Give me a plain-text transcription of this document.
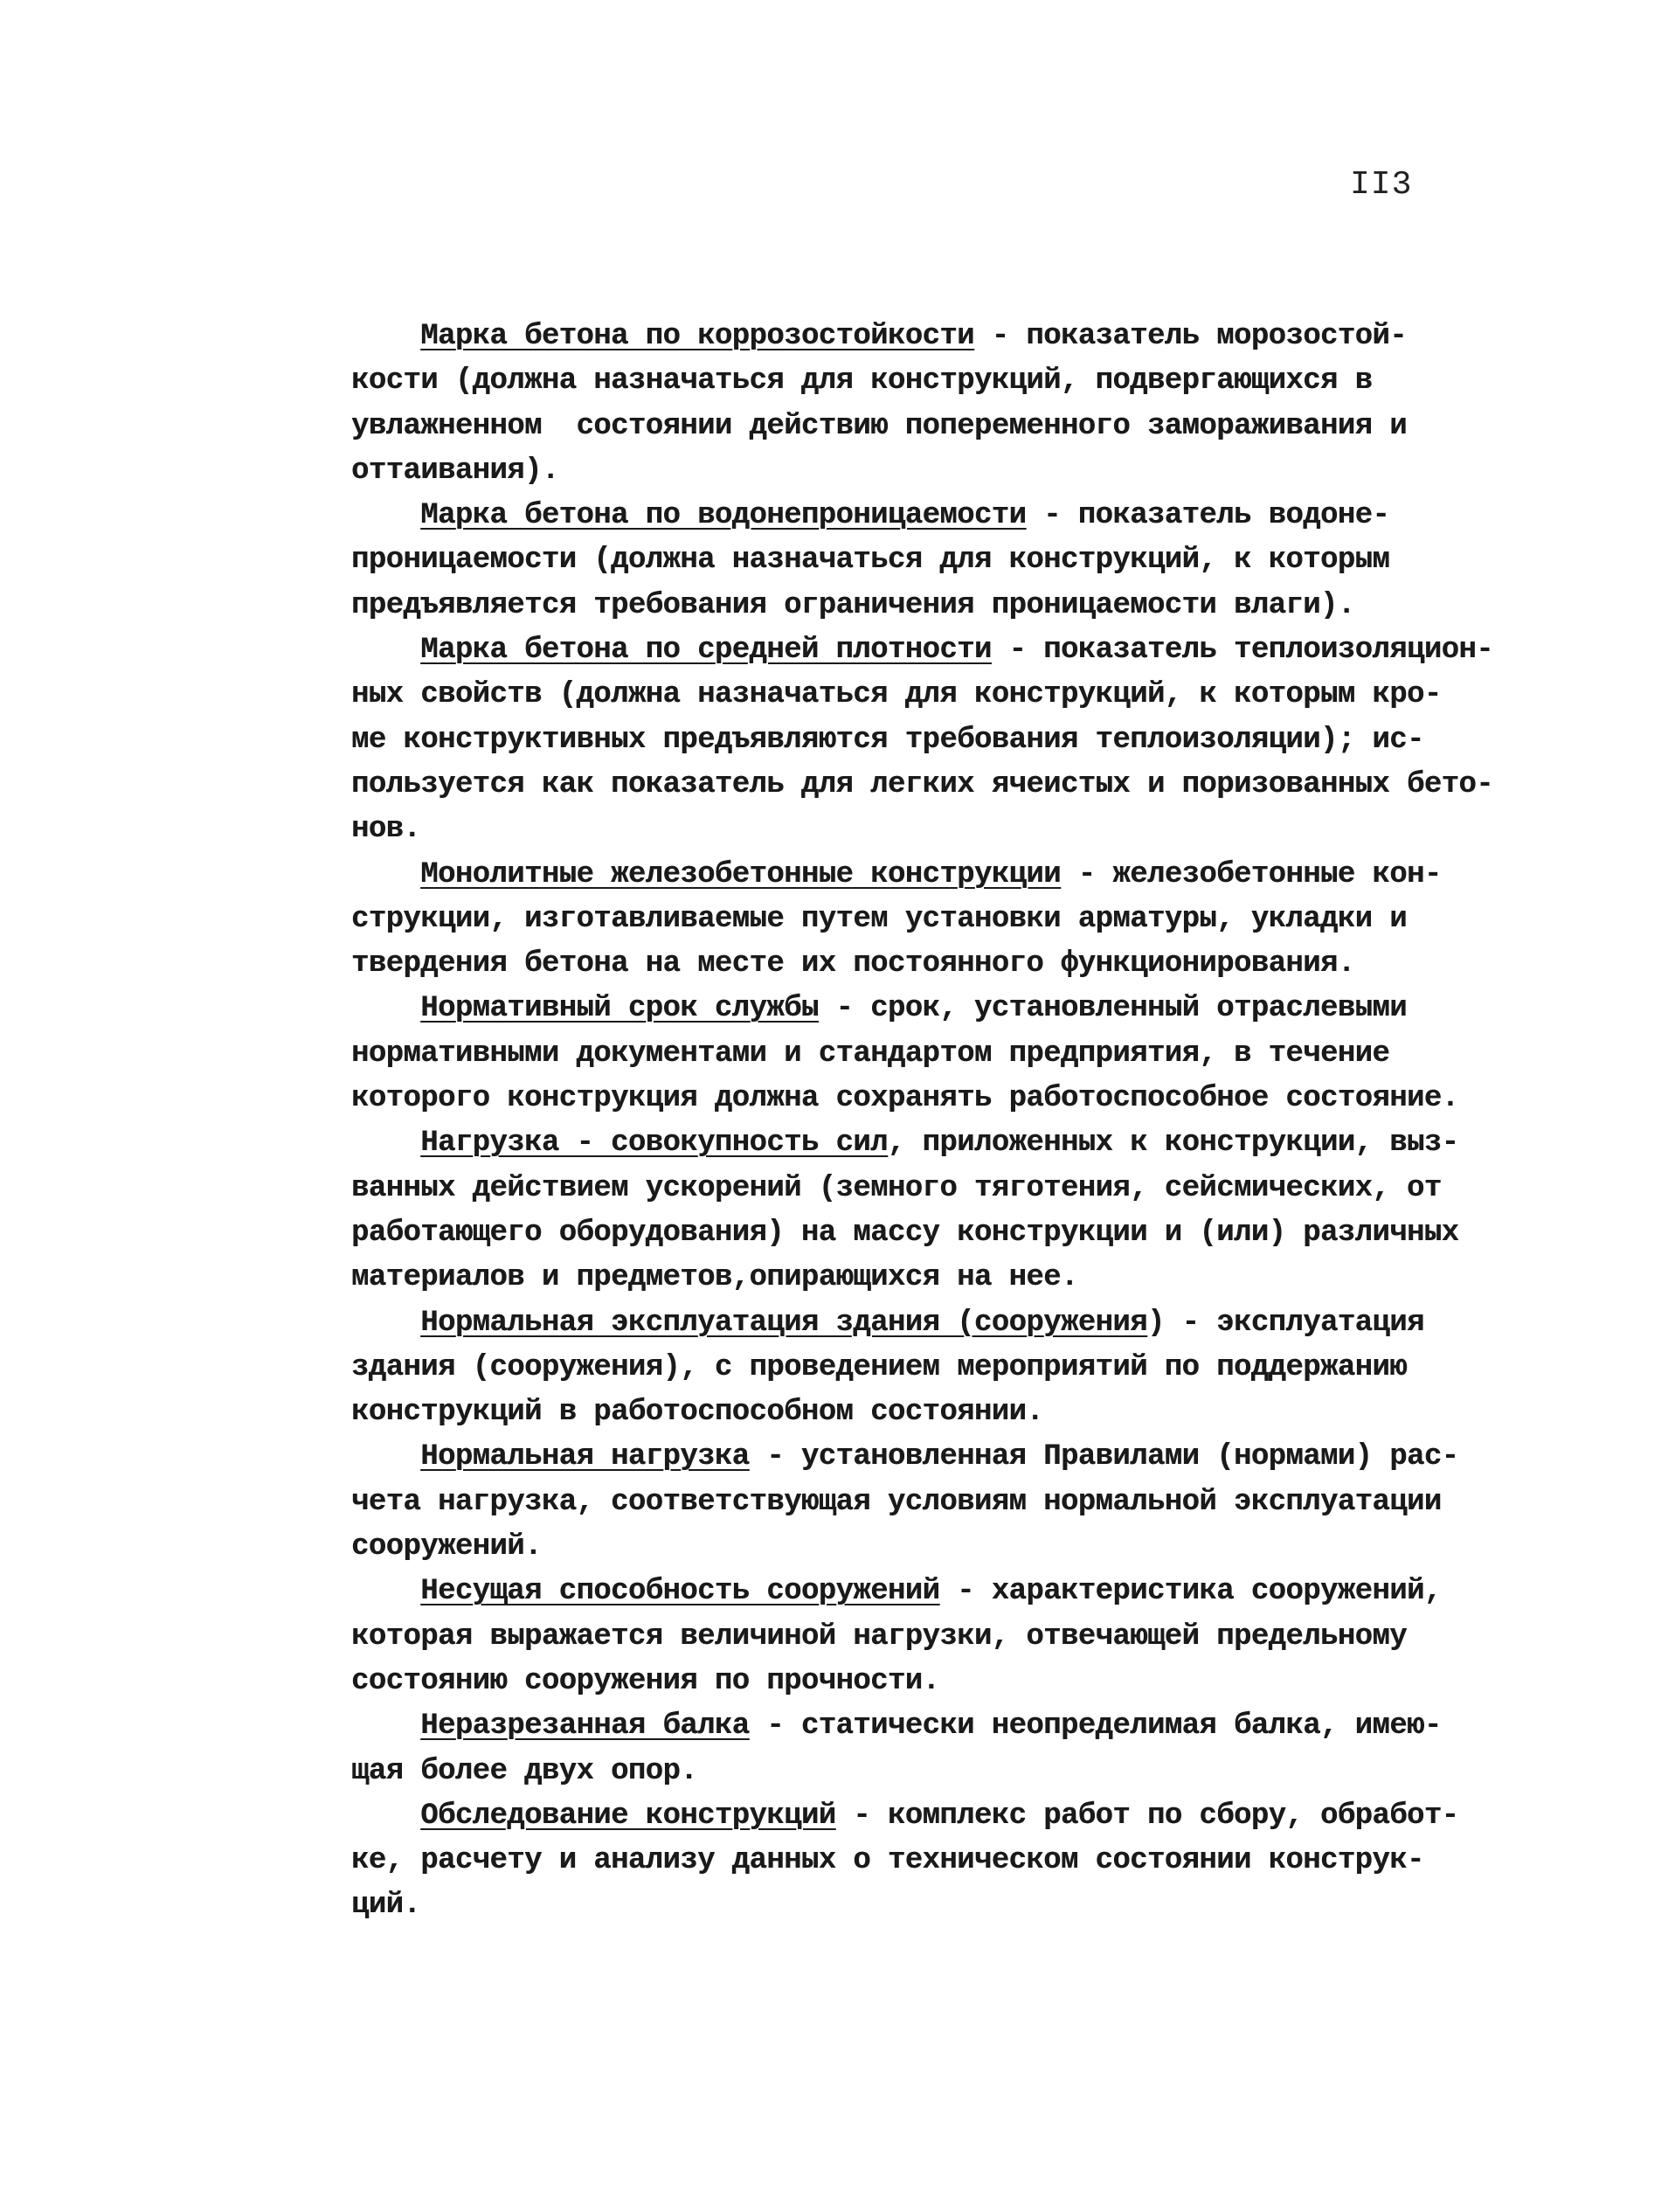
II3
Марка бетона по коррозостойкости - показатель морозостой-
кости (должна назначаться для конструкций, подвергающихся в
увлажненном  состоянии действию попеременного замораживания и
оттаивания).
Марка бетона по водонепроницаемости - показатель водоне-
проницаемости (должна назначаться для конструкций, к которым
предъявляется требования ограничения проницаемости влаги).
Марка бетона по средней плотности - показатель теплоизоляцион-
ных свойств (должна назначаться для конструкций, к которым кро-
ме конструктивных предъявляются требования теплоизоляции); ис-
пользуется как показатель для легких ячеистых и поризованных бето-
нов.
Монолитные железобетонные конструкции - железобетонные кон-
струкции, изготавливаемые путем установки арматуры, укладки и
твердения бетона на месте их постоянного функционирования.
Нормативный срок службы - срок, установленный отраслевыми
нормативными документами и стандартом предприятия, в течение
которого конструкция должна сохранять работоспособное состояние.
Нагрузка - совокупность сил, приложенных к конструкции, выз-
ванных действием ускорений (земного тяготения, сейсмических, от
работающего оборудования) на массу конструкции и (или) различных
материалов и предметов,опирающихся на нее.
Нормальная эксплуатация здания (сооружения) - эксплуатация
здания (сооружения), с проведением мероприятий по поддержанию
конструкций в работоспособном состоянии.
Нормальная нагрузка - установленная Правилами (нормами) рас-
чета нагрузка, соответствующая условиям нормальной эксплуатации
сооружений.
Несущая способность сооружений - характеристика сооружений,
которая выражается величиной нагрузки, отвечающей предельному
состоянию сооружения по прочности.
Неразрезанная балка - статически неопределимая балка, имею-
щая более двух опор.
Обследование конструкций - комплекс работ по сбору, обработ-
ке, расчету и анализу данных о техническом состоянии конструк-
ций.
